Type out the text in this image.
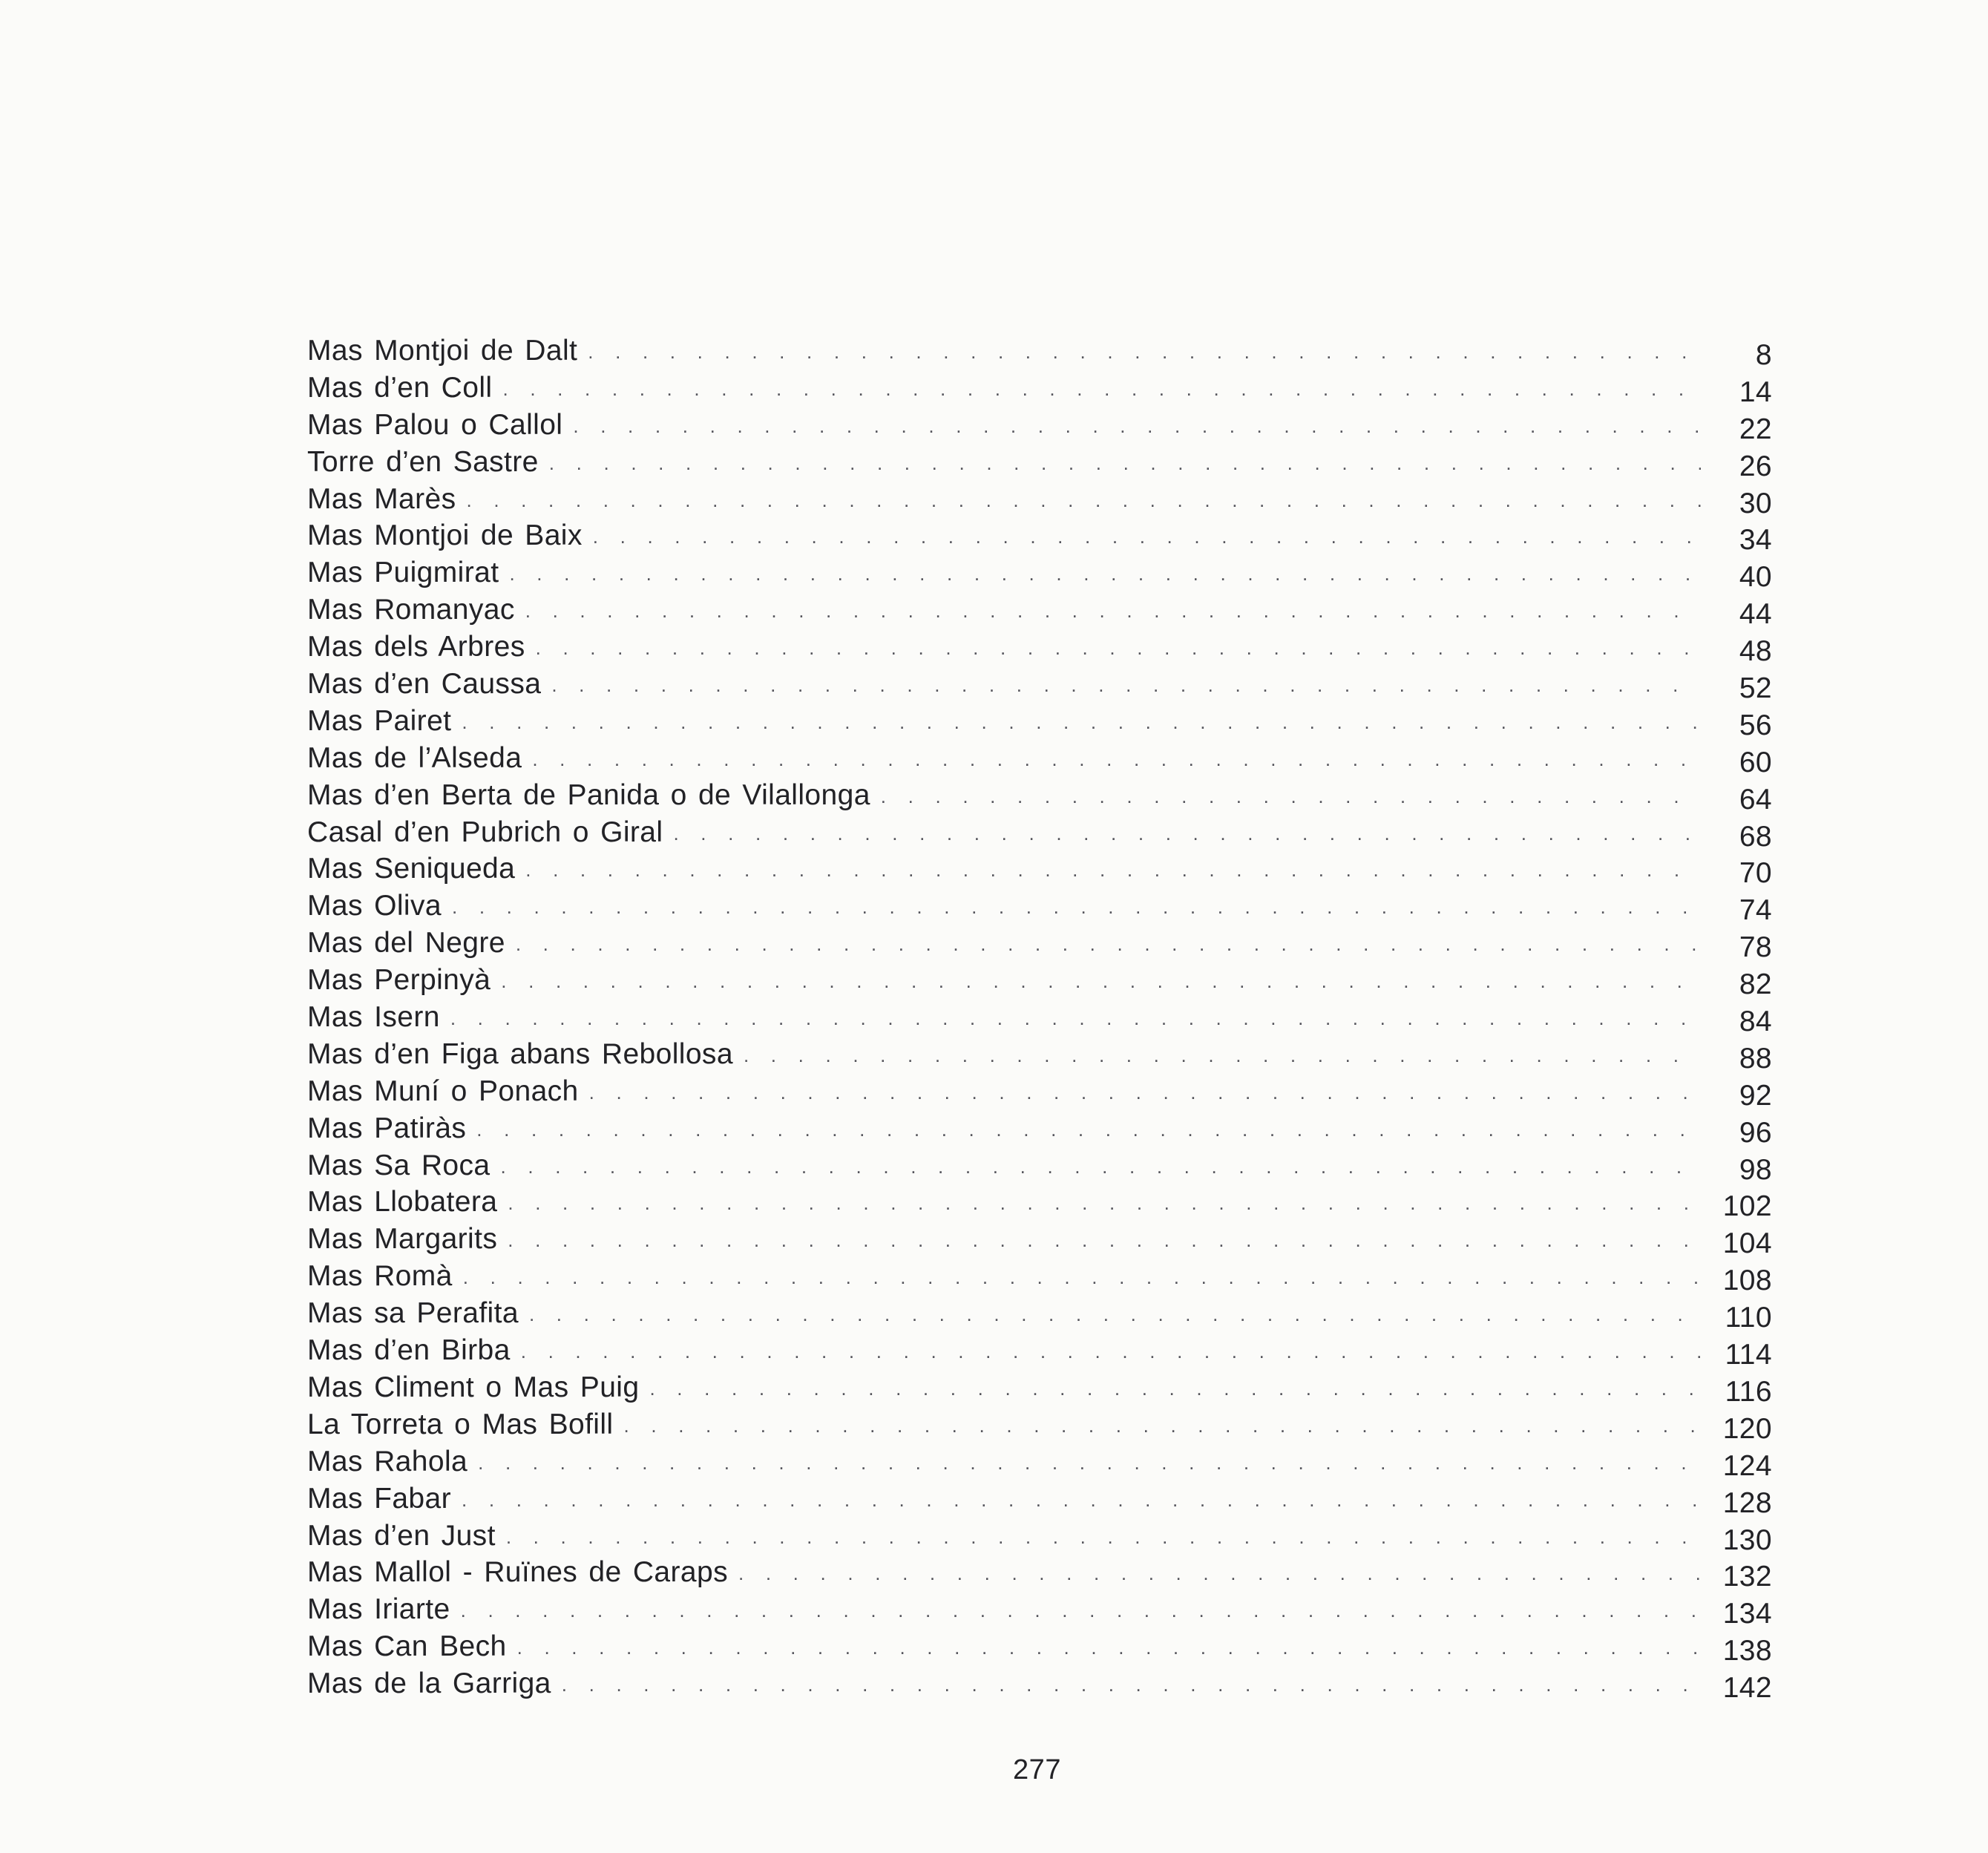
Mas Montjoi de Dalt . . .	8
Mas d’en Coll . . .	14
Mas Palou o Callol . . .	22
Torre d’en Sastre . . .	26
Mas Marès . . .	30
Mas Montjoi de Baix . . .	34
Mas Puigmirat . . .	40
Mas Romanyac . . .	44
Mas dels Arbres . . .	48
Mas d’en Caussa . . .	52
Mas Pairet . . .	56
Mas de l’Alseda . . .	60
Mas d’en Berta de Panida o de Vilallonga . . .	64
Casal d’en Pubrich o Giral . . .	68
Mas Seniqueda . . .	70
Mas Oliva . . .	74
Mas del Negre . . .	78
Mas Perpinyà . . .	82
Mas Isern . . .	84
Mas d’en Figa abans Rebollosa . . .	88
Mas Muní o Ponach . . .	92
Mas Patiràs . . .	96
Mas Sa Roca . . .	98
Mas Llobatera . . .	102
Mas Margarits . . .	104
Mas Romà . . .	108
Mas sa Perafita . . .	110
Mas d’en Birba . . .	114
Mas Climent o Mas Puig . . .	116
La Torreta o Mas Bofill . . .	120
Mas Rahola . . .	124
Mas Fabar . . .	128
Mas d’en Just . . .	130
Mas Mallol - Ruïnes de Caraps . . .	132
Mas Iriarte . . .	134
Mas Can Bech . . .	138
Mas de la Garriga . . .	142
277
